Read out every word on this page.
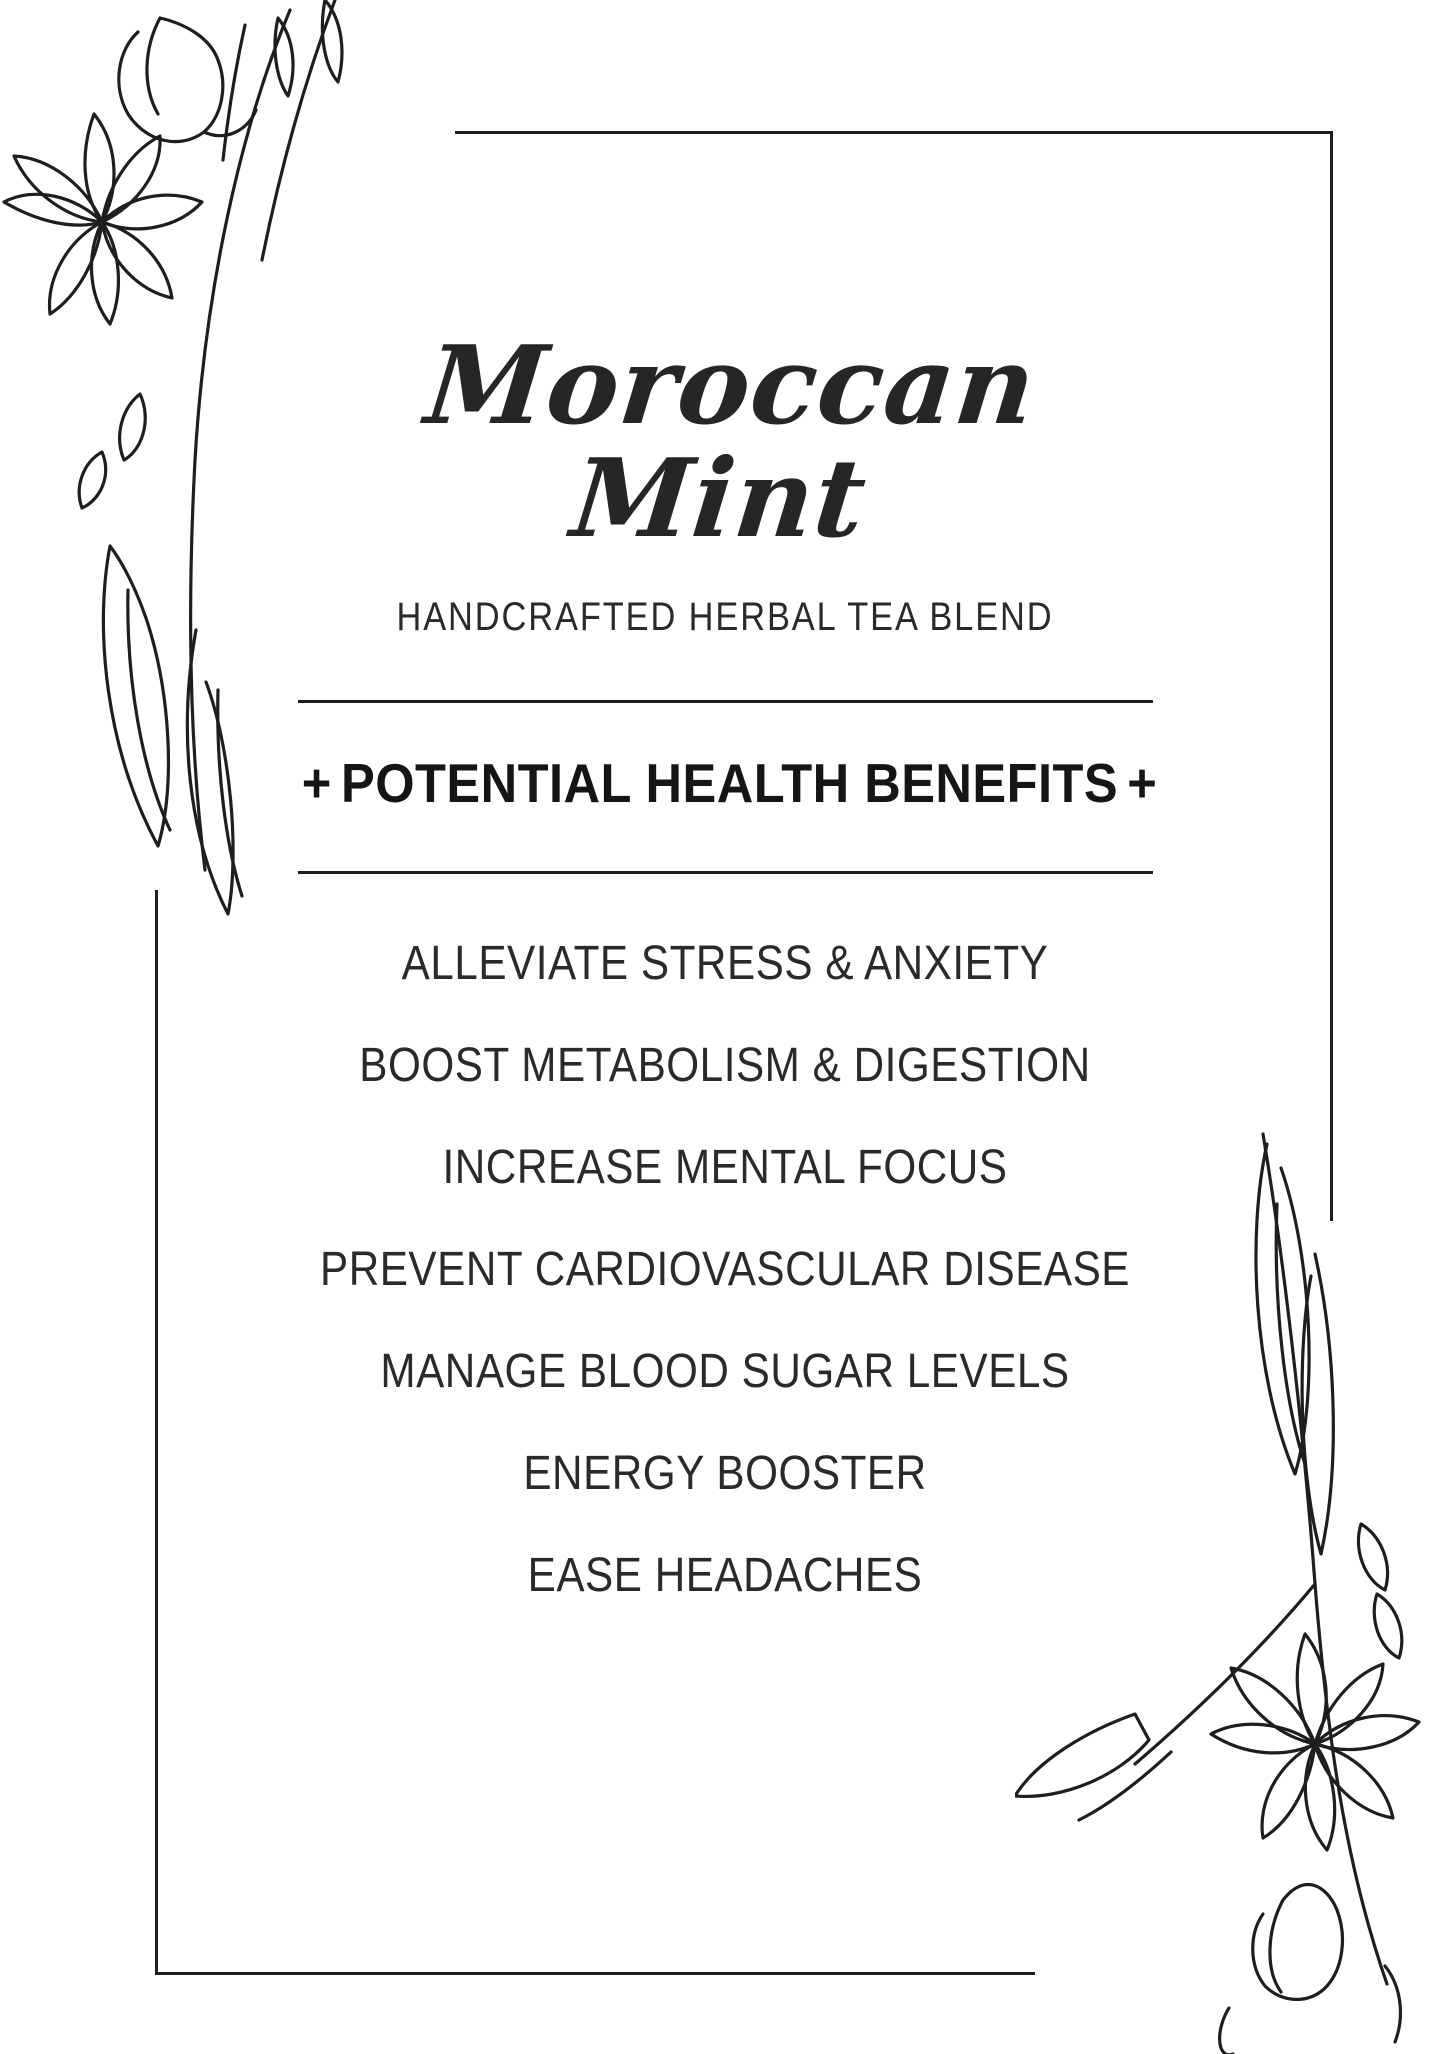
Moroccan Mint
HANDCRAFTED HERBAL TEA BLEND
+ POTENTIAL HEALTH BENEFITS +
ALLEVIATE STRESS & ANXIETY
BOOST METABOLISM & DIGESTION
INCREASE MENTAL FOCUS
PREVENT CARDIOVASCULAR DISEASE
MANAGE BLOOD SUGAR LEVELS
ENERGY BOOSTER
EASE HEADACHES
